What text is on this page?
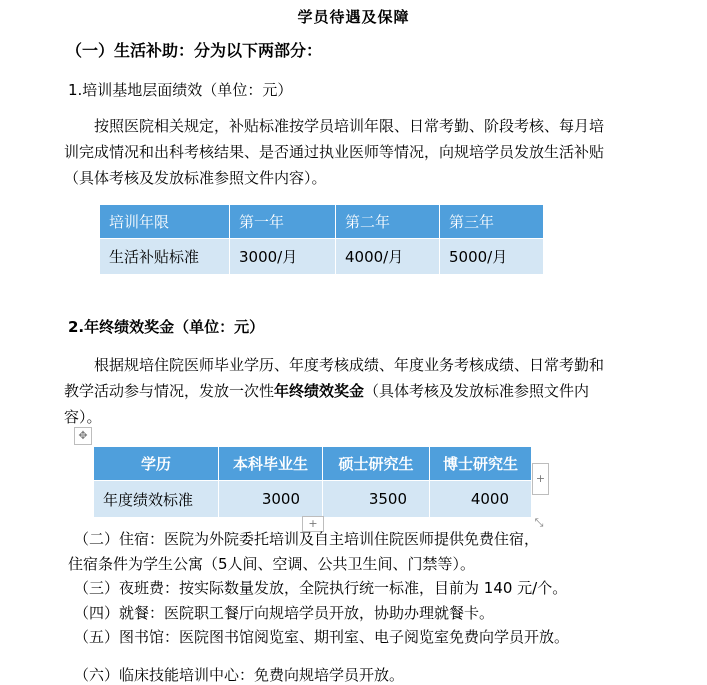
学员待遇及保障
（一）生活补助：分为以下两部分：
1.培训基地层面绩效（单位：元）
按照医院相关规定，补贴标准按学员培训年限、日常考勤、阶段考核、每月培训完成情况和出科考核结果、是否通过执业医师等情况，向规培学员发放生活补贴（具体考核及发放标准参照文件内容）。
培训年限	第一年	第二年	第三年
生活补贴标准	3000/月	4000/月	5000/月
2.年终绩效奖金（单位：元）
根据规培住院医师毕业学历、年度考核成绩、年度业务考核成绩、日常考勤和教学活动参与情况，发放一次性年终绩效奖金（具体考核及发放标准参照文件内容）。
✥
学历	本科毕业生	硕士研究生	博士研究生
年度绩效标准	3000	3500	4000
+
+	⤡
（二）住宿：医院为外院委托培训及自主培训住院医师提供免费住宿，
住宿条件为学生公寓（5人间、空调、公共卫生间、门禁等）。
（三）夜班费：按实际数量发放，全院执行统一标准，目前为 140 元/个。
（四）就餐：医院职工餐厅向规培学员开放，协助办理就餐卡。
（五）图书馆：医院图书馆阅览室、期刊室、电子阅览室免费向学员开放。
（六）临床技能培训中心：免费向规培学员开放。
